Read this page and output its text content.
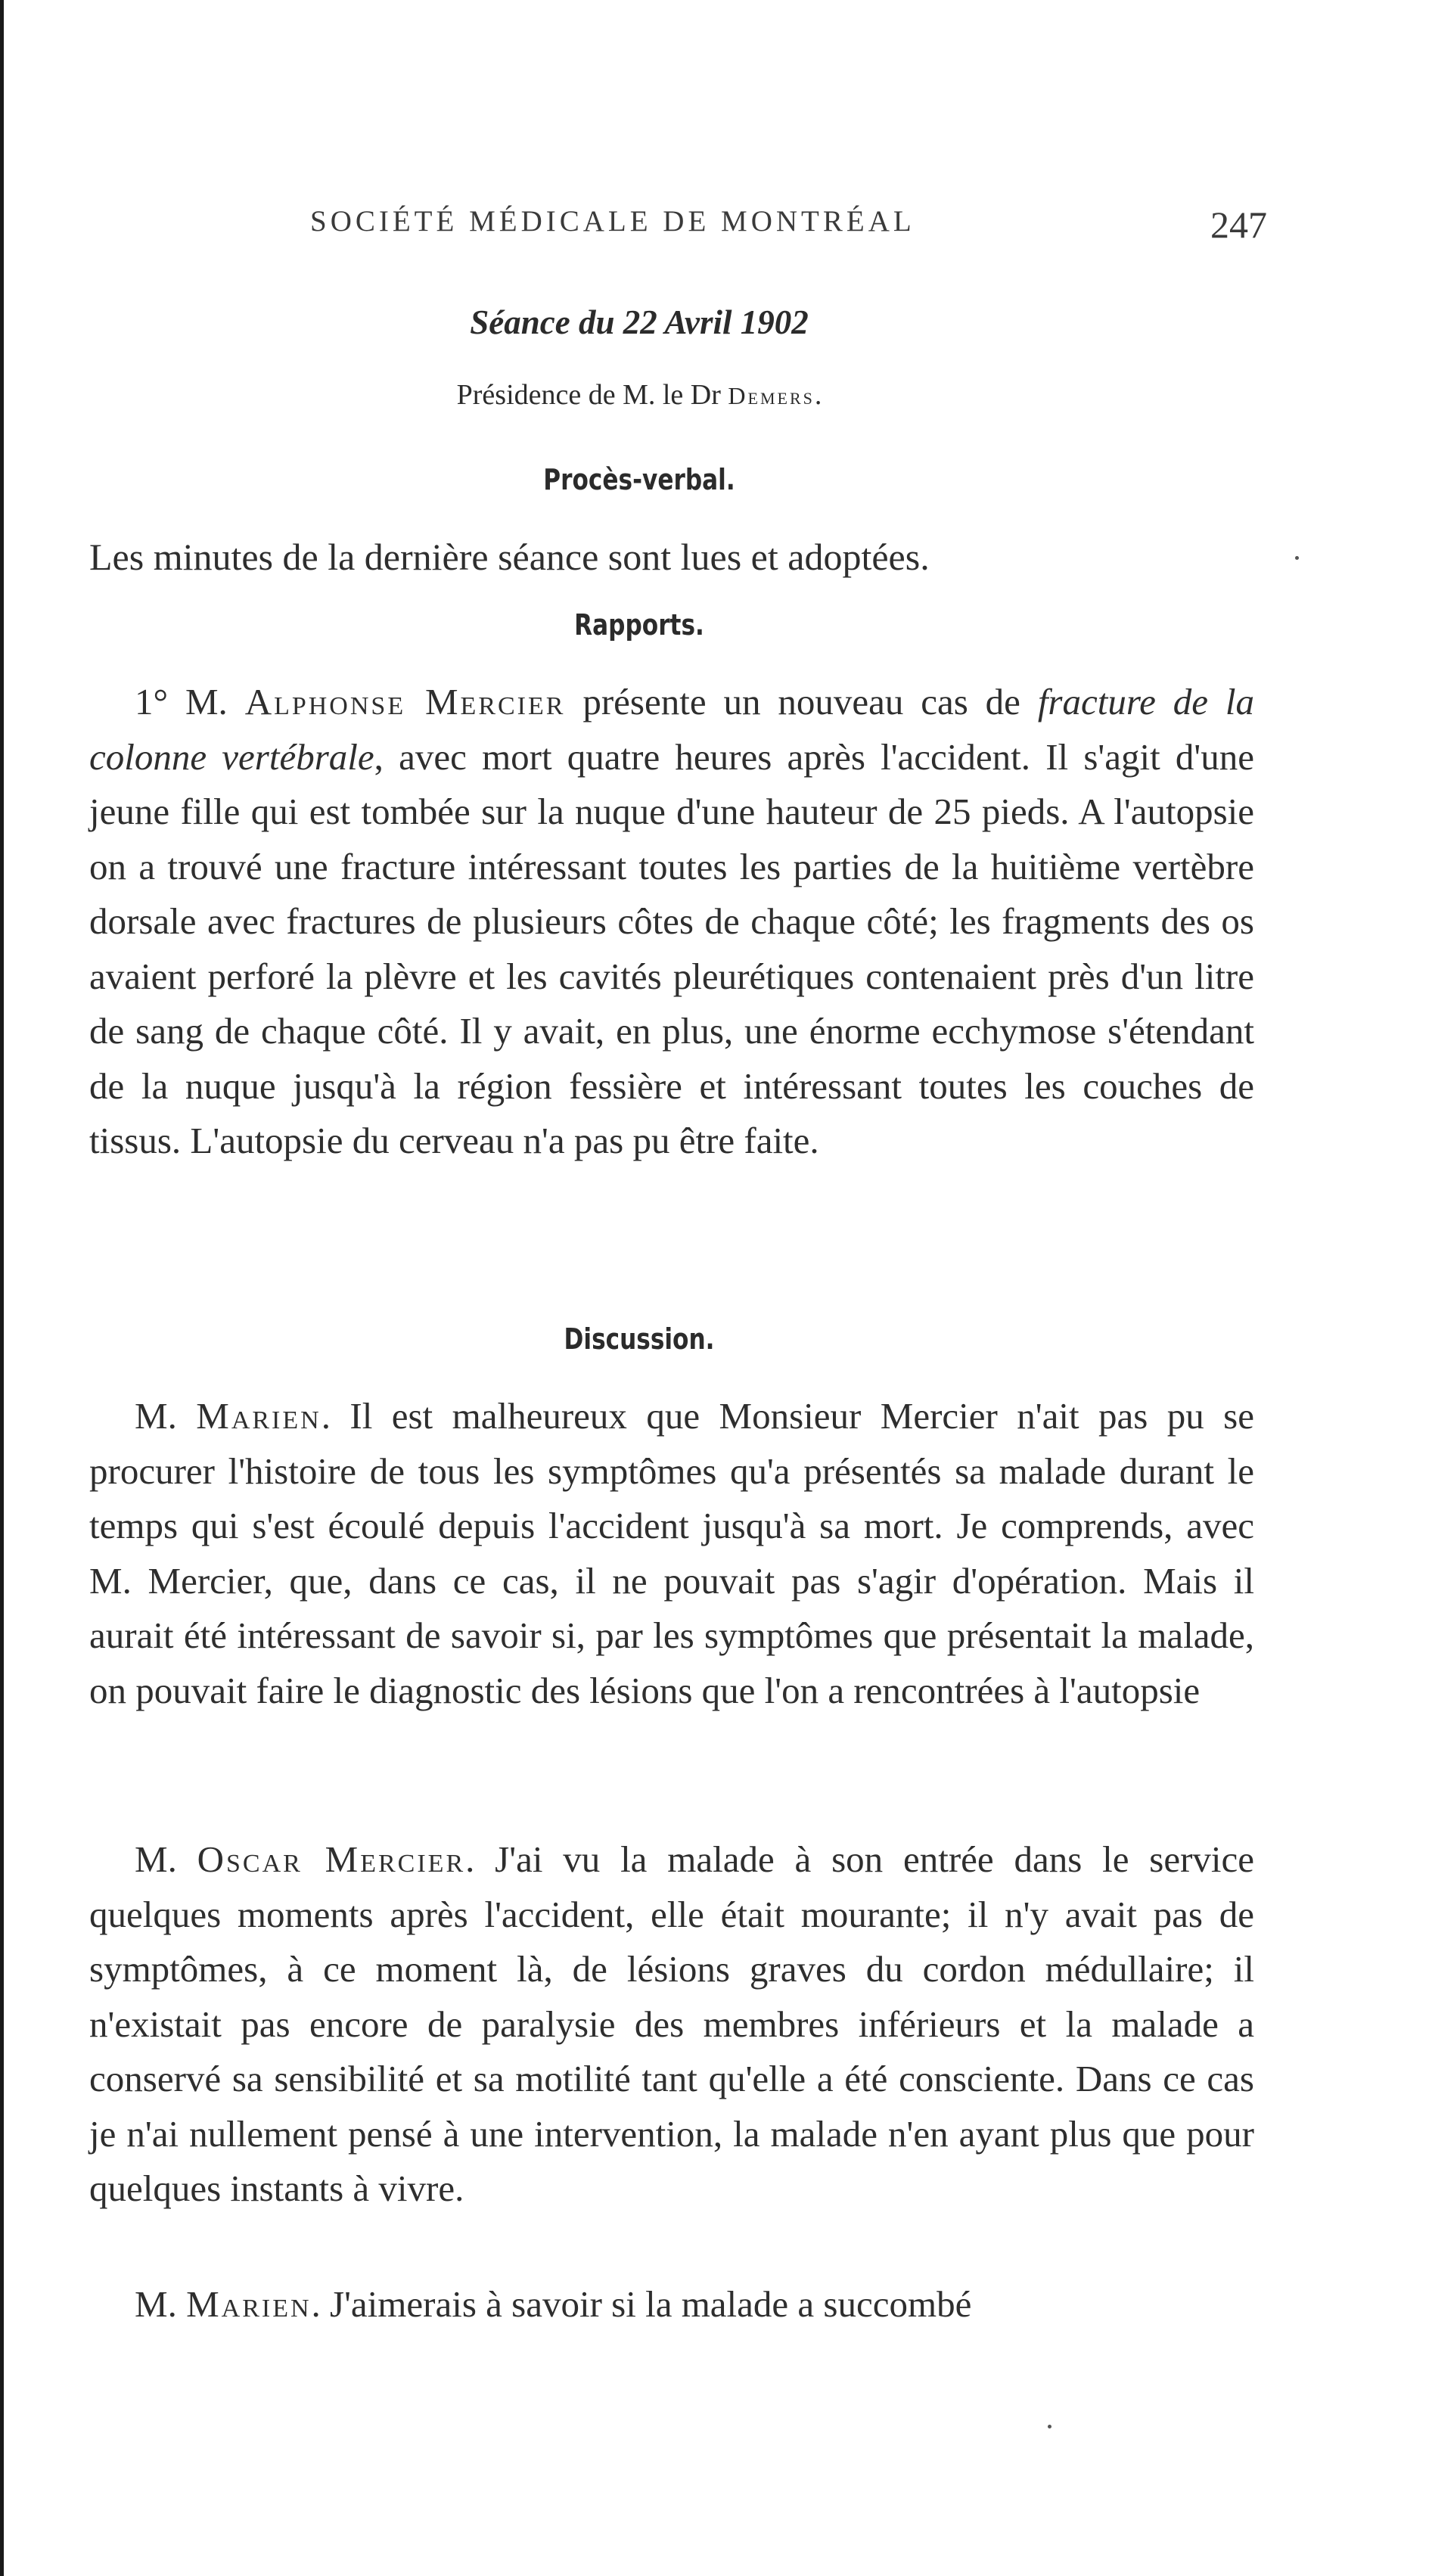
SOCIÉTÉ MÉDICALE DE MONTRÉAL	247
Séance du 22 Avril 1902
Présidence de M. le Dr Demers.
Procès-verbal.
Les minutes de la dernière séance sont lues et adoptées.
Rapports.

1° M. Alphonse Mercier présente un nouveau cas de fracture de la colonne vertébrale, avec mort quatre heures après l'accident. Il s'agit d'une jeune fille qui est tombée sur la nuque d'une hauteur de 25 pieds. A l'autopsie on a trouvé une fracture intéressant toutes les parties de la huitième vertèbre dorsale avec fractures de plusieurs côtes de chaque côté; les fragments des os avaient perforé la plèvre et les cavités pleurétiques contenaient près d'un litre de sang de chaque côté. Il y avait, en plus, une énorme ecchymose s'étendant de la nuque jusqu'à la région fessière et intéressant toutes les couches de tissus. L'autopsie du cerveau n'a pas pu être faite.

Discussion.

M. Marien. Il est malheureux que Monsieur Mercier n'ait pas pu se procurer l'histoire de tous les symptômes qu'a présentés sa malade durant le temps qui s'est écoulé depuis l'accident jusqu'à sa mort. Je comprends, avec M. Mercier, que, dans ce cas, il ne pouvait pas s'agir d'opération. Mais il aurait été intéressant de savoir si, par les symptômes que présentait la malade, on pouvait faire le diagnostic des lésions que l'on a rencontrées à l'autopsie

M. Oscar Mercier. J'ai vu la malade à son entrée dans le service quelques moments après l'accident, elle était mourante; il n'y avait pas de symptômes, à ce moment là, de lésions graves du cordon médullaire; il n'existait pas encore de paralysie des membres inférieurs et la malade a conservé sa sensibilité et sa motilité tant qu'elle a été consciente. Dans ce cas je n'ai nullement pensé à une intervention, la malade n'en ayant plus que pour quelques instants à vivre.

M. Marien. J'aimerais à savoir si la malade a succombé
